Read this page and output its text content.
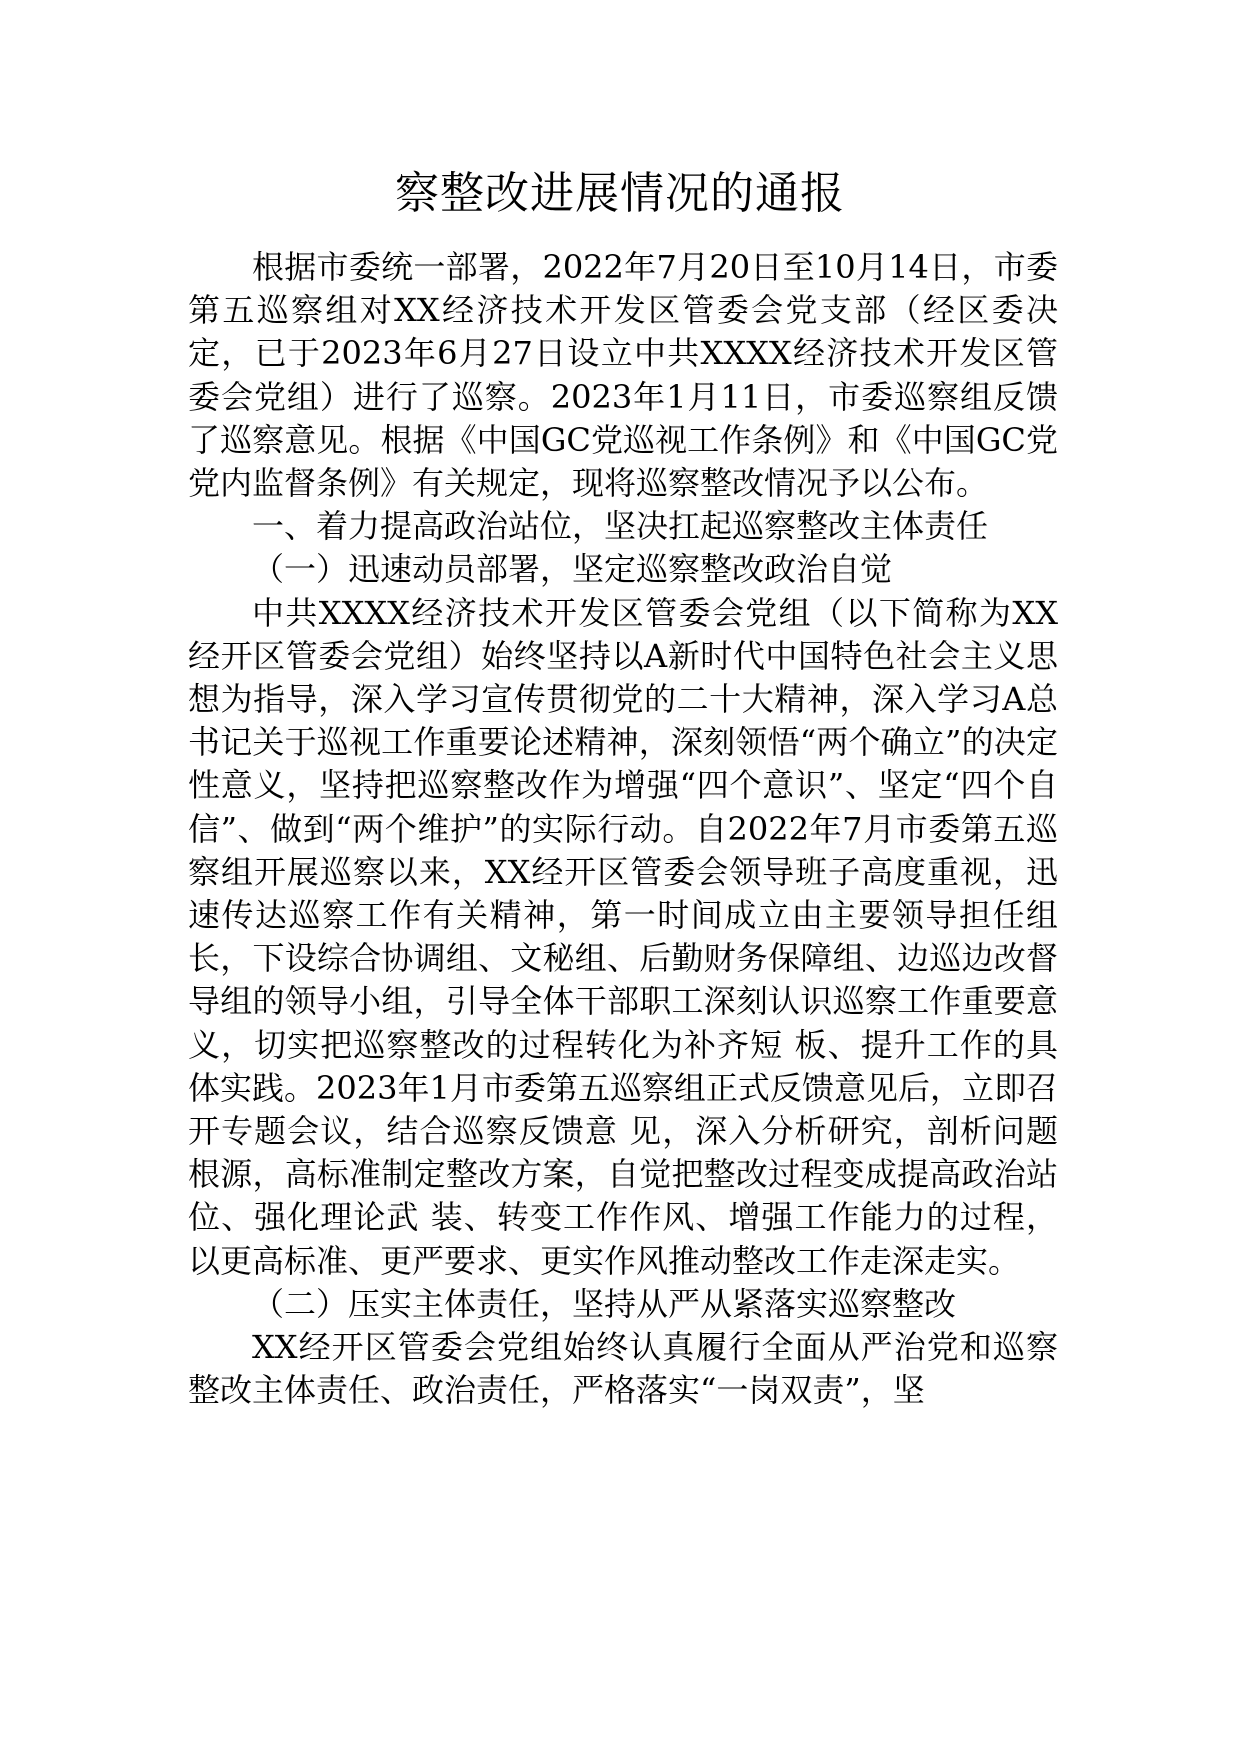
察整改进展情况的通报

根据市委统一部署，2022年7月20日至10月14日，市委第五巡察组对XX经济技术开发区管委会党支部（经区委决定，已于2023年6月27日设立中共XXXX经济技术开发区管委会党组）进行了巡察。2023年1月11日，市委巡察组反馈了巡察意见。根据《中国GC党巡视工作条例》和《中国GC党党内监督条例》有关规定，现将巡察整改情况予以公布。

一、着力提高政治站位，坚决扛起巡察整改主体责任

（一）迅速动员部署，坚定巡察整改政治自觉

中共XXXX经济技术开发区管委会党组（以下简称为XX经开区管委会党组）始终坚持以A新时代中国特色社会主义思想为指导，深入学习宣传贯彻党的二十大精神，深入学习A总书记关于巡视工作重要论述精神，深刻领悟“两个确立”的决定性意义，坚持把巡察整改作为增强“四个意识”、坚定“四个自信”、做到“两个维护”的实际行动。自2022年7月市委第五巡察组开展巡察以来，XX经开区管委会领导班子高度重视，迅速传达巡察工作有关精神，第一时间成立由主要领导担任组长，下设综合协调组、文秘组、后勤财务保障组、边巡边改督导组的领导小组，引导全体干部职工深刻认识巡察工作重要意义，切实把巡察整改的过程转化为补齐短 板、提升工作的具体实践。2023年1月市委第五巡察组正式反馈意见后，立即召开专题会议，结合巡察反馈意 见，深入分析研究，剖析问题根源，高标准制定整改方案，自觉把整改过程变成提高政治站位、强化理论武 装、转变工作作风、增强工作能力的过程，以更高标准、更严要求、更实作风推动整改工作走深走实。

（二）压实主体责任，坚持从严从紧落实巡察整改

XX经开区管委会党组始终认真履行全面从严治党和巡察整改主体责任、政治责任，严格落实“一岗双责”，坚
